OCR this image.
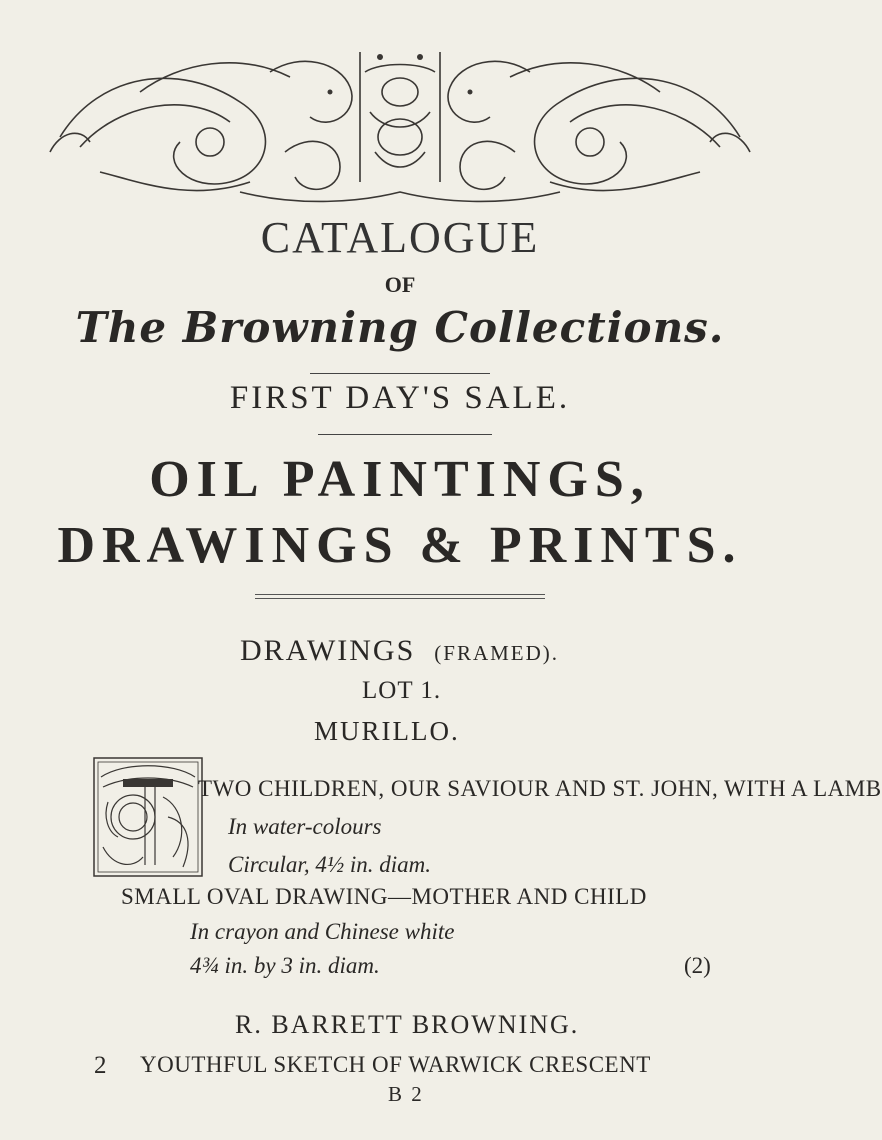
CATALOGUE
OF
The Browning Collections.
FIRST DAY'S SALE.
OIL PAINTINGS,
DRAWINGS & PRINTS.
DRAWINGS (FRAMED).
LOT 1.
MURILLO.
TWO CHILDREN, OUR SAVIOUR AND ST. JOHN, WITH A LAMB
In water-colours
Circular, 4½ in. diam.
SMALL OVAL DRAWING—MOTHER AND CHILD
In crayon and Chinese white
4¾ in. by 3 in. diam.	(2)
R. BARRETT BROWNING.
2 YOUTHFUL SKETCH OF WARWICK CRESCENT
B 2
